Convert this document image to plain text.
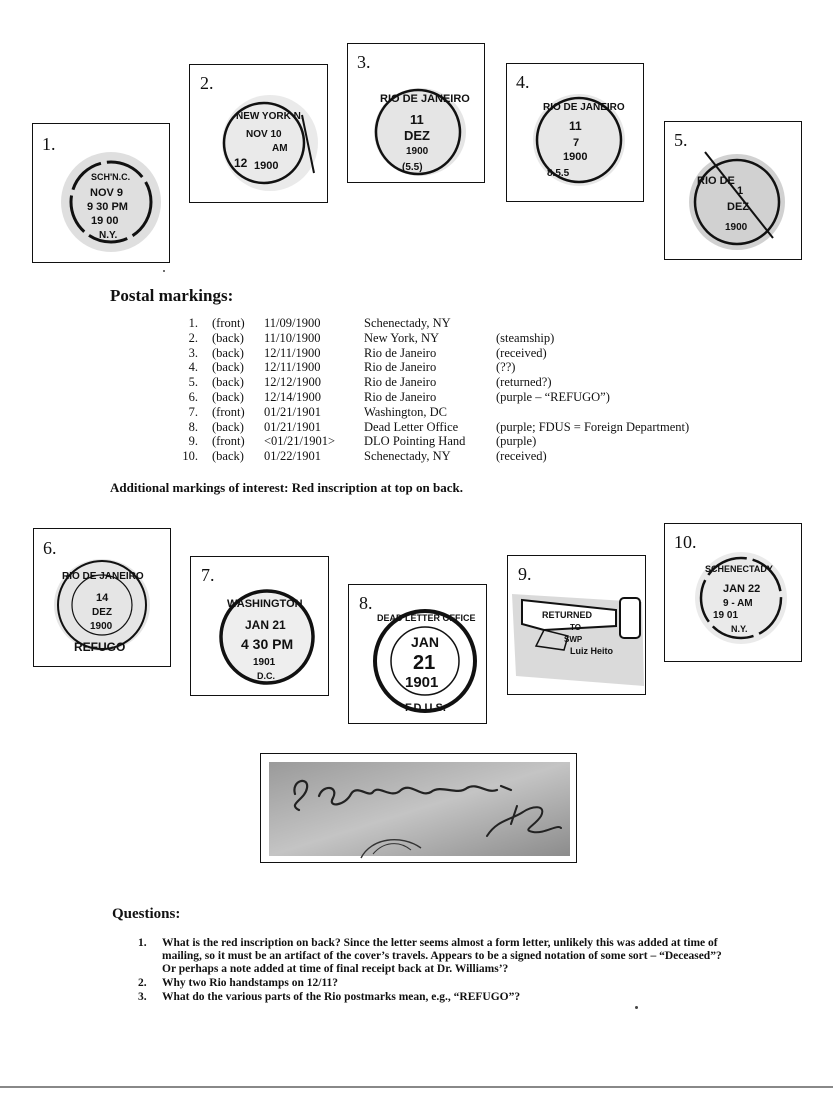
1.
SCH'N.C.
NOV 9
9 30 PM
19 00
N.Y.
2.
NEW YORK N.
NOV 10
AM
12 1900
3.
RIO DE JANEIRO
11
DEZ
1900
(5.5)
4.
RIO DE JANEIRO
11
7
1900
8.5.5
5.
RIO DE
1
DEZ
1900
Postal markings:
1.	(front)	11/09/1900	Schenectady, NY	
2.	(back)	11/10/1900	New York, NY	(steamship)
3.	(back)	12/11/1900	Rio de Janeiro	(received)
4.	(back)	12/11/1900	Rio de Janeiro	(??)
5.	(back)	12/12/1900	Rio de Janeiro	(returned?)
6.	(back)	12/14/1900	Rio de Janeiro	(purple – “REFUGO”)
7.	(front)	01/21/1901	Washington, DC	
8.	(back)	01/21/1901	Dead Letter Office	(purple; FDUS = Foreign Department)
9.	(front)	<01/21/1901>	DLO Pointing Hand	(purple)
10.	(back)	01/22/1901	Schenectady, NY	(received)

Additional markings of interest: Red inscription at top on back.

6.
RIO DE JANEIRO
14
DEZ
1900
REFUGO
7.
WASHINGTON
JAN 21
4 30 PM
1901
D.C.
8.
DEAD LETTER OFFICE
JAN
21
1901
F.D.U.S.
9.
RETURNED
TO
SWP
Luiz Heito
10.
SCHENECTADY
JAN 22
9 - AM
19 01
N.Y.
Questions:
1. What is the red inscription on back? Since the letter seems almost a form letter, unlikely this was added at time of mailing, so it must be an artifact of the cover’s travels. Appears to be a signed notation of some sort – “Deceased”? Or perhaps a note added at time of final receipt back at Dr. Williams’?
2. Why two Rio handstamps on 12/11?
3. What do the various parts of the Rio postmarks mean, e.g., “REFUGO”?
